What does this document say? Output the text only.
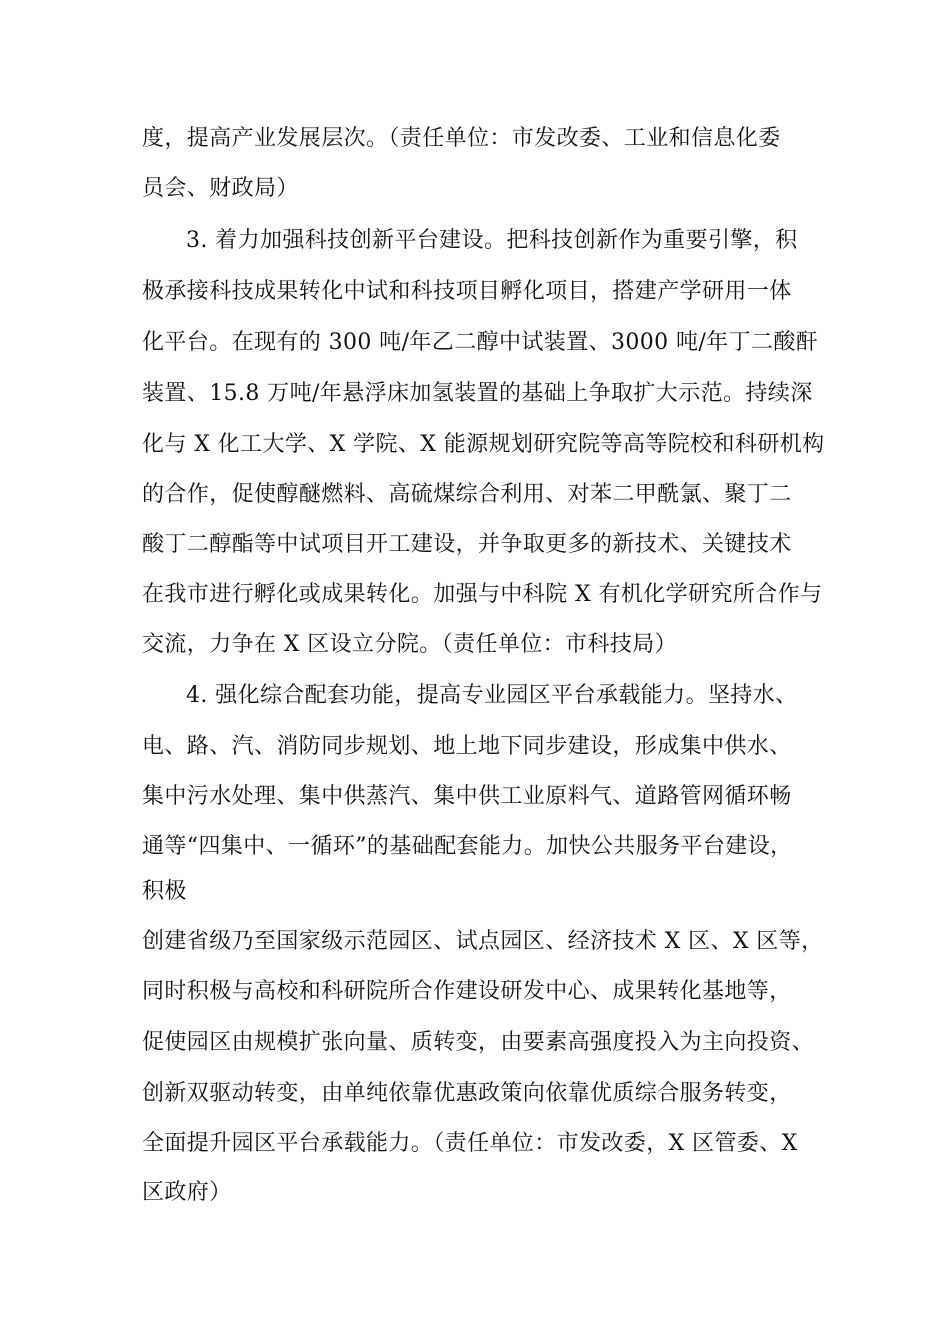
度，提高产业发展层次。（责任单位：市发改委、工业和信息化委
员会、财政局）
3. 着力加强科技创新平台建设。把科技创新作为重要引擎，积
极承接科技成果转化中试和科技项目孵化项目，搭建产学研用一体
化平台。在现有的 300 吨/年乙二醇中试装置、3000 吨/年丁二酸酐
装置、15.8 万吨/年悬浮床加氢装置的基础上争取扩大示范。持续深
化与 X 化工大学、X 学院、X 能源规划研究院等高等院校和科研机构
的合作，促使醇醚燃料、高硫煤综合利用、对苯二甲酰氯、聚丁二
酸丁二醇酯等中试项目开工建设，并争取更多的新技术、关键技术
在我市进行孵化或成果转化。加强与中科院 X 有机化学研究所合作与
交流，力争在 X 区设立分院。（责任单位：市科技局）
4. 强化综合配套功能，提高专业园区平台承载能力。坚持水、
电、路、汽、消防同步规划、地上地下同步建设，形成集中供水、
集中污水处理、集中供蒸汽、集中供工业原料气、道路管网循环畅
通等“四集中、一循环”的基础配套能力。加快公共服务平台建设，
积极
创建省级乃至国家级示范园区、试点园区、经济技术 X 区、X 区等，
同时积极与高校和科研院所合作建设研发中心、成果转化基地等，
促使园区由规模扩张向量、质转变，由要素高强度投入为主向投资、
创新双驱动转变，由单纯依靠优惠政策向依靠优质综合服务转变，
全面提升园区平台承载能力。（责任单位：市发改委，X 区管委、X
区政府）
